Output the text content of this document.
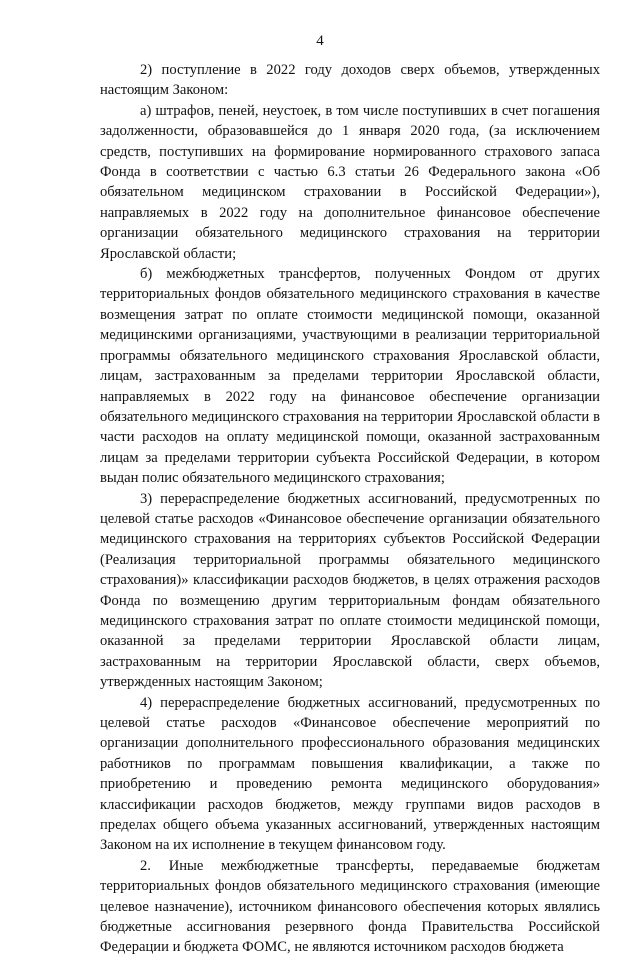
4

2) поступление в 2022 году доходов сверх объемов, утвержденных настоящим Законом:

а) штрафов, пеней, неустоек, в том числе поступивших в счет погашения задолженности, образовавшейся до 1 января 2020 года, (за исключением средств, поступивших на формирование нормированного страхового запаса Фонда в соответствии с частью 6.3 статьи 26 Федерального закона «Об обязательном медицинском страховании в Российской Федерации»), направляемых в 2022 году на дополнительное финансовое обеспечение организации обязательного медицинского страхования на территории Ярославской области;

б) межбюджетных трансфертов, полученных Фондом от других территориальных фондов обязательного медицинского страхования в качестве возмещения затрат по оплате стоимости медицинской помощи, оказанной медицинскими организациями, участвующими в реализации территориальной программы обязательного медицинского страхования Ярославской области, лицам, застрахованным за пределами территории Ярославской области, направляемых в 2022 году на финансовое обеспечение организации обязательного медицинского страхования на территории Ярославской области в части расходов на оплату медицинской помощи, оказанной застрахованным лицам за пределами территории субъекта Российской Федерации, в котором выдан полис обязательного медицинского страхования;

3) перераспределение бюджетных ассигнований, предусмотренных по целевой статье расходов «Финансовое обеспечение организации обязательного медицинского страхования на территориях субъектов Российской Федерации (Реализация территориальной программы обязательного медицинского страхования)» классификации расходов бюджетов, в целях отражения расходов Фонда по возмещению другим территориальным фондам обязательного медицинского страхования затрат по оплате стоимости медицинской помощи, оказанной за пределами территории Ярославской области лицам, застрахованным на территории Ярославской области, сверх объемов, утвержденных настоящим Законом;

4) перераспределение бюджетных ассигнований, предусмотренных по целевой статье расходов «Финансовое обеспечение мероприятий по организации дополнительного профессионального образования медицинских работников по программам повышения квалификации, а также по приобретению и проведению ремонта медицинского оборудования» классификации расходов бюджетов, между группами видов расходов в пределах общего объема указанных ассигнований, утвержденных настоящим Законом на их исполнение в текущем финансовом году.

2. Иные межбюджетные трансферты, передаваемые бюджетам территориальных фондов обязательного медицинского страхования (имеющие целевое назначение), источником финансового обеспечения которых являлись бюджетные ассигнования резервного фонда Правительства Российской Федерации и бюджета ФОМС, не являются источником расходов бюджета
